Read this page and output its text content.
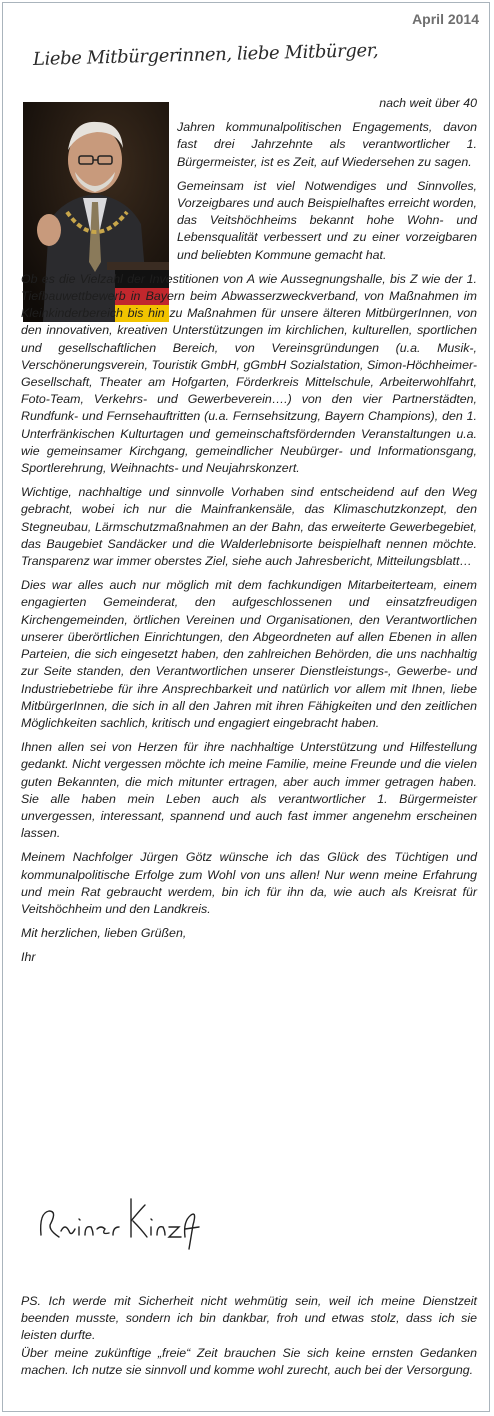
April 2014
Liebe Mitbürgerinnen, liebe Mitbürger,

nach weit über 40

Jahren kommunalpolitischen Engagements, davon fast drei Jahrzehnte als verantwortlicher 1. Bürgermeister, ist es Zeit, auf Wiedersehen zu sagen.

Gemeinsam ist viel Notwendiges und Sinnvolles, Vorzeigbares und auch Beispielhaftes erreicht worden, das Veitshöchheims bekannt hohe Wohn- und Lebensqualität verbessert und zu einer vorzeigbaren und beliebten Kommune gemacht hat.

Ob es die Vielzahl der Investitionen von A wie Aussegnungshalle, bis Z wie der 1. Tiefbauwettbewerb in Bayern beim Abwasserzweckverband, von Maßnahmen im Kleinkinderbereich bis hin zu Maßnahmen für unsere älteren MitbürgerInnen, von den innovativen, kreativen Unterstützungen im kirchlichen, kulturellen, sportlichen und gesellschaftlichen Bereich, von Vereinsgründungen (u.a. Musik-, Verschönerungsverein, Touristik GmbH, gGmbH Sozialstation, Simon-Höchheimer-Gesellschaft, Theater am Hofgarten, Förderkreis Mittelschule, Arbeiterwohlfahrt, Foto-Team, Verkehrs- und Gewerbeverein….) von den vier Partnerstädten, Rundfunk- und Fernsehauftritten (u.a. Fernsehsitzung, Bayern Champions), den 1. Unterfränkischen Kulturtagen und gemeinschaftsfördernden Veranstaltungen u.a. wie gemeinsamer Kirchgang, gemeindlicher Neubürger- und Informationsgang, Sportlerehrung, Weihnachts- und Neujahrskonzert.

Wichtige, nachhaltige und sinnvolle Vorhaben sind entscheidend auf den Weg gebracht, wobei ich nur die Mainfrankensäle, das Klimaschutzkonzept, den Stegneubau, Lärmschutzmaßnahmen an der Bahn, das erweiterte Gewerbegebiet, das Baugebiet Sandäcker und die Walderlebnisorte beispielhaft nennen möchte. Transparenz war immer oberstes Ziel, siehe auch Jahresbericht, Mitteilungsblatt…

Dies war alles auch nur möglich mit dem fachkundigen Mitarbeiterteam, einem engagierten Gemeinderat, den aufgeschlossenen und einsatzfreudigen Kirchengemeinden, örtlichen Vereinen und Organisationen, den Verantwortlichen unserer überörtlichen Einrichtungen, den Abgeordneten auf allen Ebenen in allen Parteien, die sich eingesetzt haben, den zahlreichen Behörden, die uns nachhaltig zur Seite standen, den Verantwortlichen unserer Dienstleistungs-, Gewerbe- und Industriebetriebe für ihre Ansprechbarkeit und natürlich vor allem mit Ihnen, liebe MitbürgerInnen, die sich in all den Jahren mit ihren Fähigkeiten und den zeitlichen Möglichkeiten sachlich, kritisch und engagiert eingebracht haben.

Ihnen allen sei von Herzen für ihre nachhaltige Unterstützung und Hilfestellung gedankt. Nicht vergessen möchte ich meine Familie, meine Freunde und die vielen guten Bekannten, die mich mitunter ertragen, aber auch immer getragen haben. Sie alle haben mein Leben auch als verantwortlicher 1. Bürgermeister unvergessen, interessant, spannend und auch fast immer angenehm erscheinen lassen.

Meinem Nachfolger Jürgen Götz wünsche ich das Glück des Tüchtigen und kommunalpolitische Erfolge zum Wohl von uns allen! Nur wenn meine Erfahrung und mein Rat gebraucht werdem, bin ich für ihn da, wie auch als Kreisrat für Veitshöchheim und den Landkreis.

Mit herzlichen, lieben Grüßen,

Ihr

Rainer Kinzkofer

PS. Ich werde mit Sicherheit nicht wehmütig sein, weil ich meine Dienstzeit beenden musste, sondern ich bin dankbar, froh und etwas stolz, dass ich sie leisten durfte.

Über meine zukünftige „freie“ Zeit brauchen Sie sich keine ernsten Gedanken machen. Ich nutze sie sinnvoll und komme wohl zurecht, auch bei der Versorgung.
